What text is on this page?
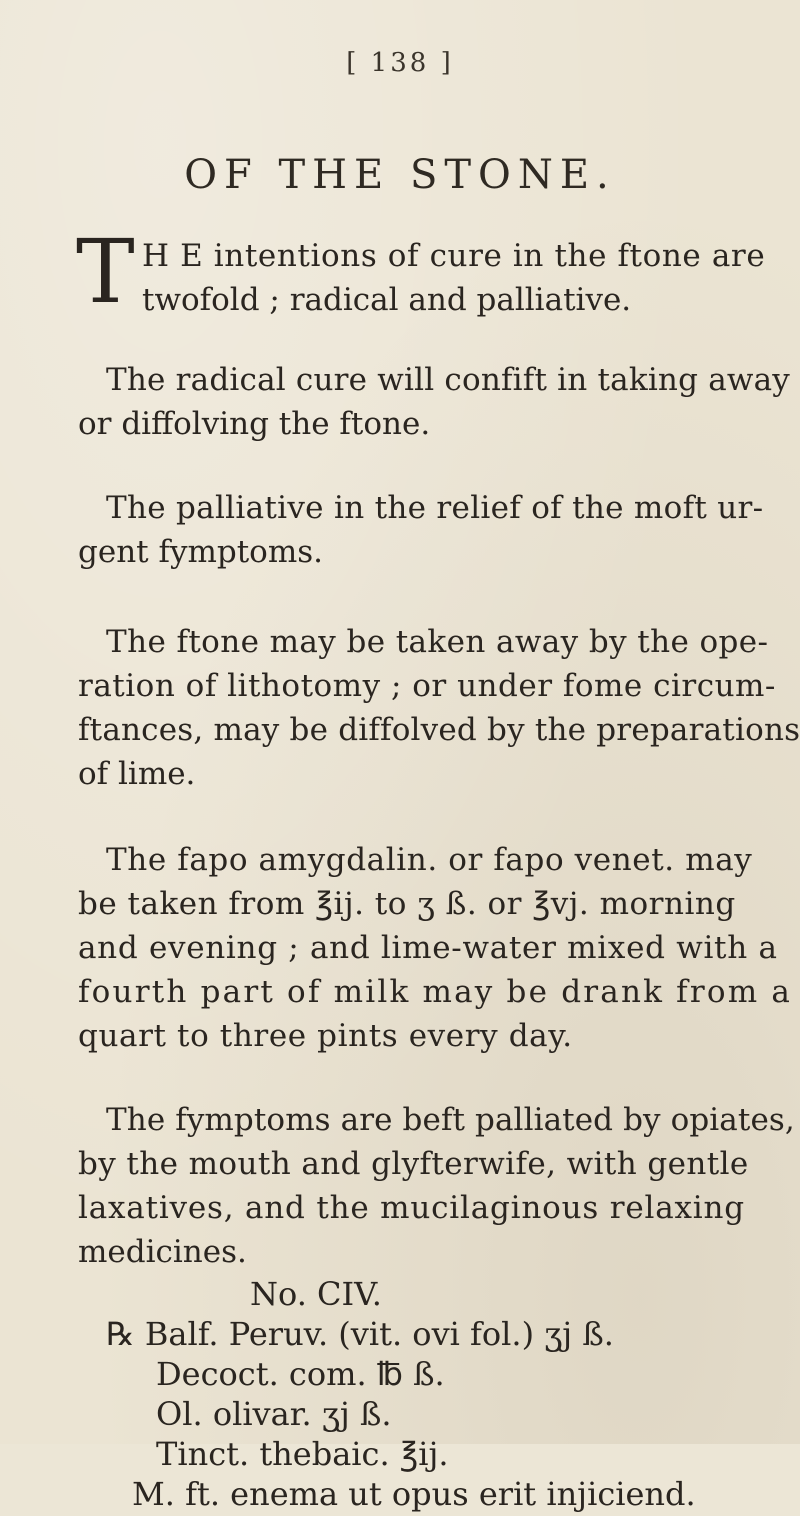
[ 138 ]
OF THE STONE.
T H E intentions of cure in the ftone are
twofold ; radical and palliative.
The radical cure will confift in taking away
or diffolving the ftone.
The palliative in the relief of the moft ur-
gent fymptoms.
The ftone may be taken away by the ope-
ration of lithotomy ; or under fome circum-
ftances, may be diffolved by the preparations
of lime.
The fapo amygdalin. or fapo venet. may
be taken from ℥ij. to ʒ ß. or ℥vj. morning
and evening ; and lime-water mixed with a
fourth part of milk may be drank from a
quart to three pints every day.
The fymptoms are beft palliated by opiates,
by the mouth and glyfterwife, with gentle
laxatives, and the mucilaginous relaxing
medicines.
No. CIV.
℞ Balf. Peruv. (vit. ovi fol.) ʒj ß.
Decoct. com. ℔ ß.
Ol. olivar. ʒj ß.
Tinct. thebaic. ℥ij.
M. ft. enema ut opus erit injiciend.
